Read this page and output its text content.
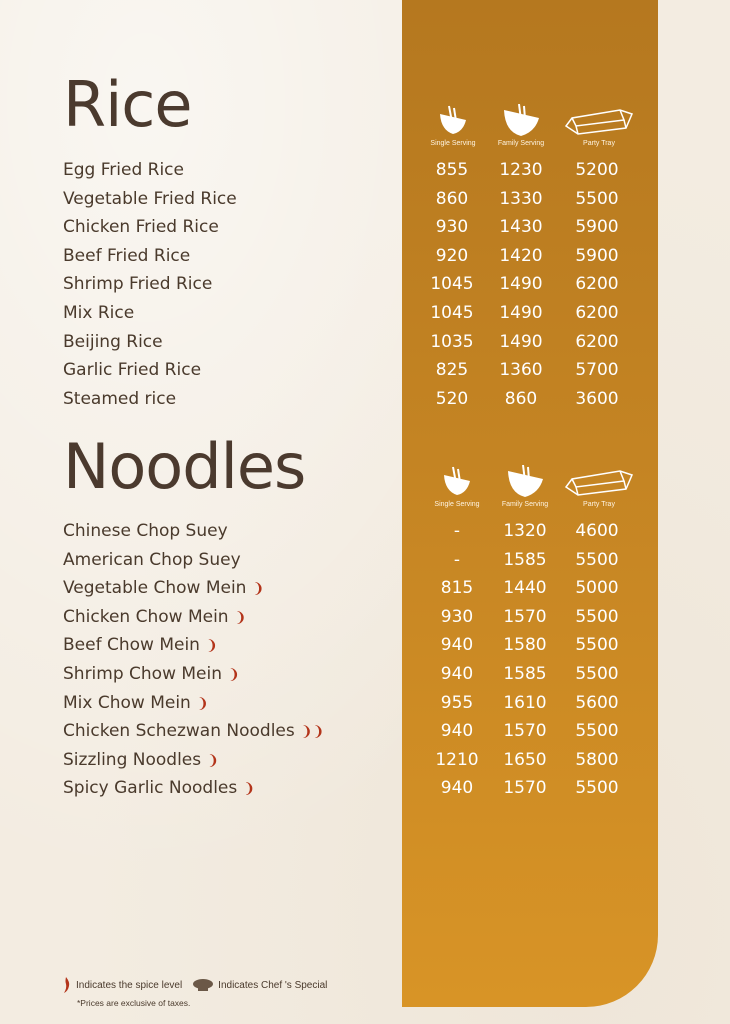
Rice
Single Serving	Family Serving	Party Tray
Egg Fried Rice	855	1230	5200
Vegetable Fried Rice	860	1330	5500
Chicken Fried Rice	930	1430	5900
Beef Fried Rice	920	1420	5900
Shrimp Fried Rice	1045	1490	6200
Mix Rice	1045	1490	6200
Beijing Rice	1035	1490	6200
Garlic Fried Rice	825	1360	5700
Steamed rice	520	860	3600
Noodles
Single Serving	Family Serving	Party Tray
Chinese Chop Suey	-	1320	4600
American Chop Suey	-	1585	5500
Vegetable Chow Mein ❩	815	1440	5000
Chicken Chow Mein ❩	930	1570	5500
Beef Chow Mein ❩	940	1580	5500
Shrimp Chow Mein ❩	940	1585	5500
Mix Chow Mein ❩	955	1610	5600
Chicken Schezwan Noodles ❩❩	940	1570	5500
Sizzling Noodles ❩	1210	1650	5800
Spicy Garlic Noodles ❩	940	1570	5500
Indicates the spice level	Indicates Chef 's Special
*Prices are exclusive of taxes.
